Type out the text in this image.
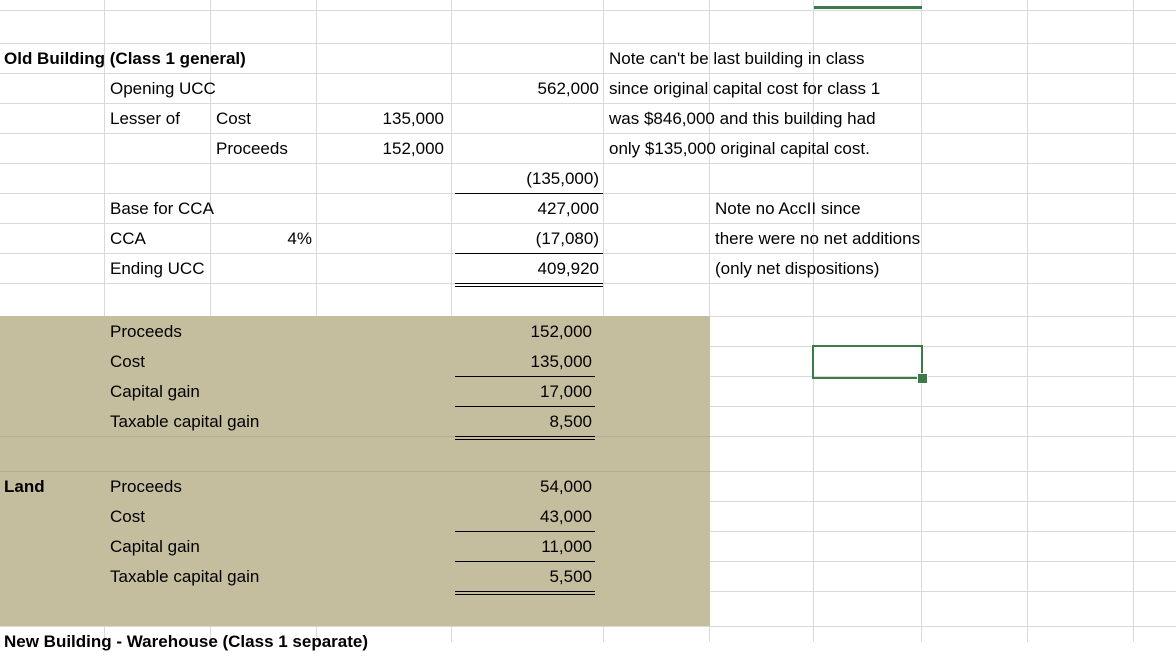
Old Building (Class 1 general)
Opening UCC	562,000
Lesser of Cost	135,000
Proceeds	152,000
(135,000)
Base for CCA	427,000
CCA	4%	(17,080)
Ending UCC	409,920
Note can't be last building in class
since original capital cost for class 1
was $846,000 and this building had
only $135,000 original capital cost.
Note no AccII since
there were no net additions
(only net dispositions)
Proceeds	152,000
Cost	135,000
Capital gain	17,000
Taxable capital gain	8,500
Land	Proceeds	54,000
Cost	43,000
Capital gain	11,000
Taxable capital gain	5,500
New Building - Warehouse (Class 1 separate)
